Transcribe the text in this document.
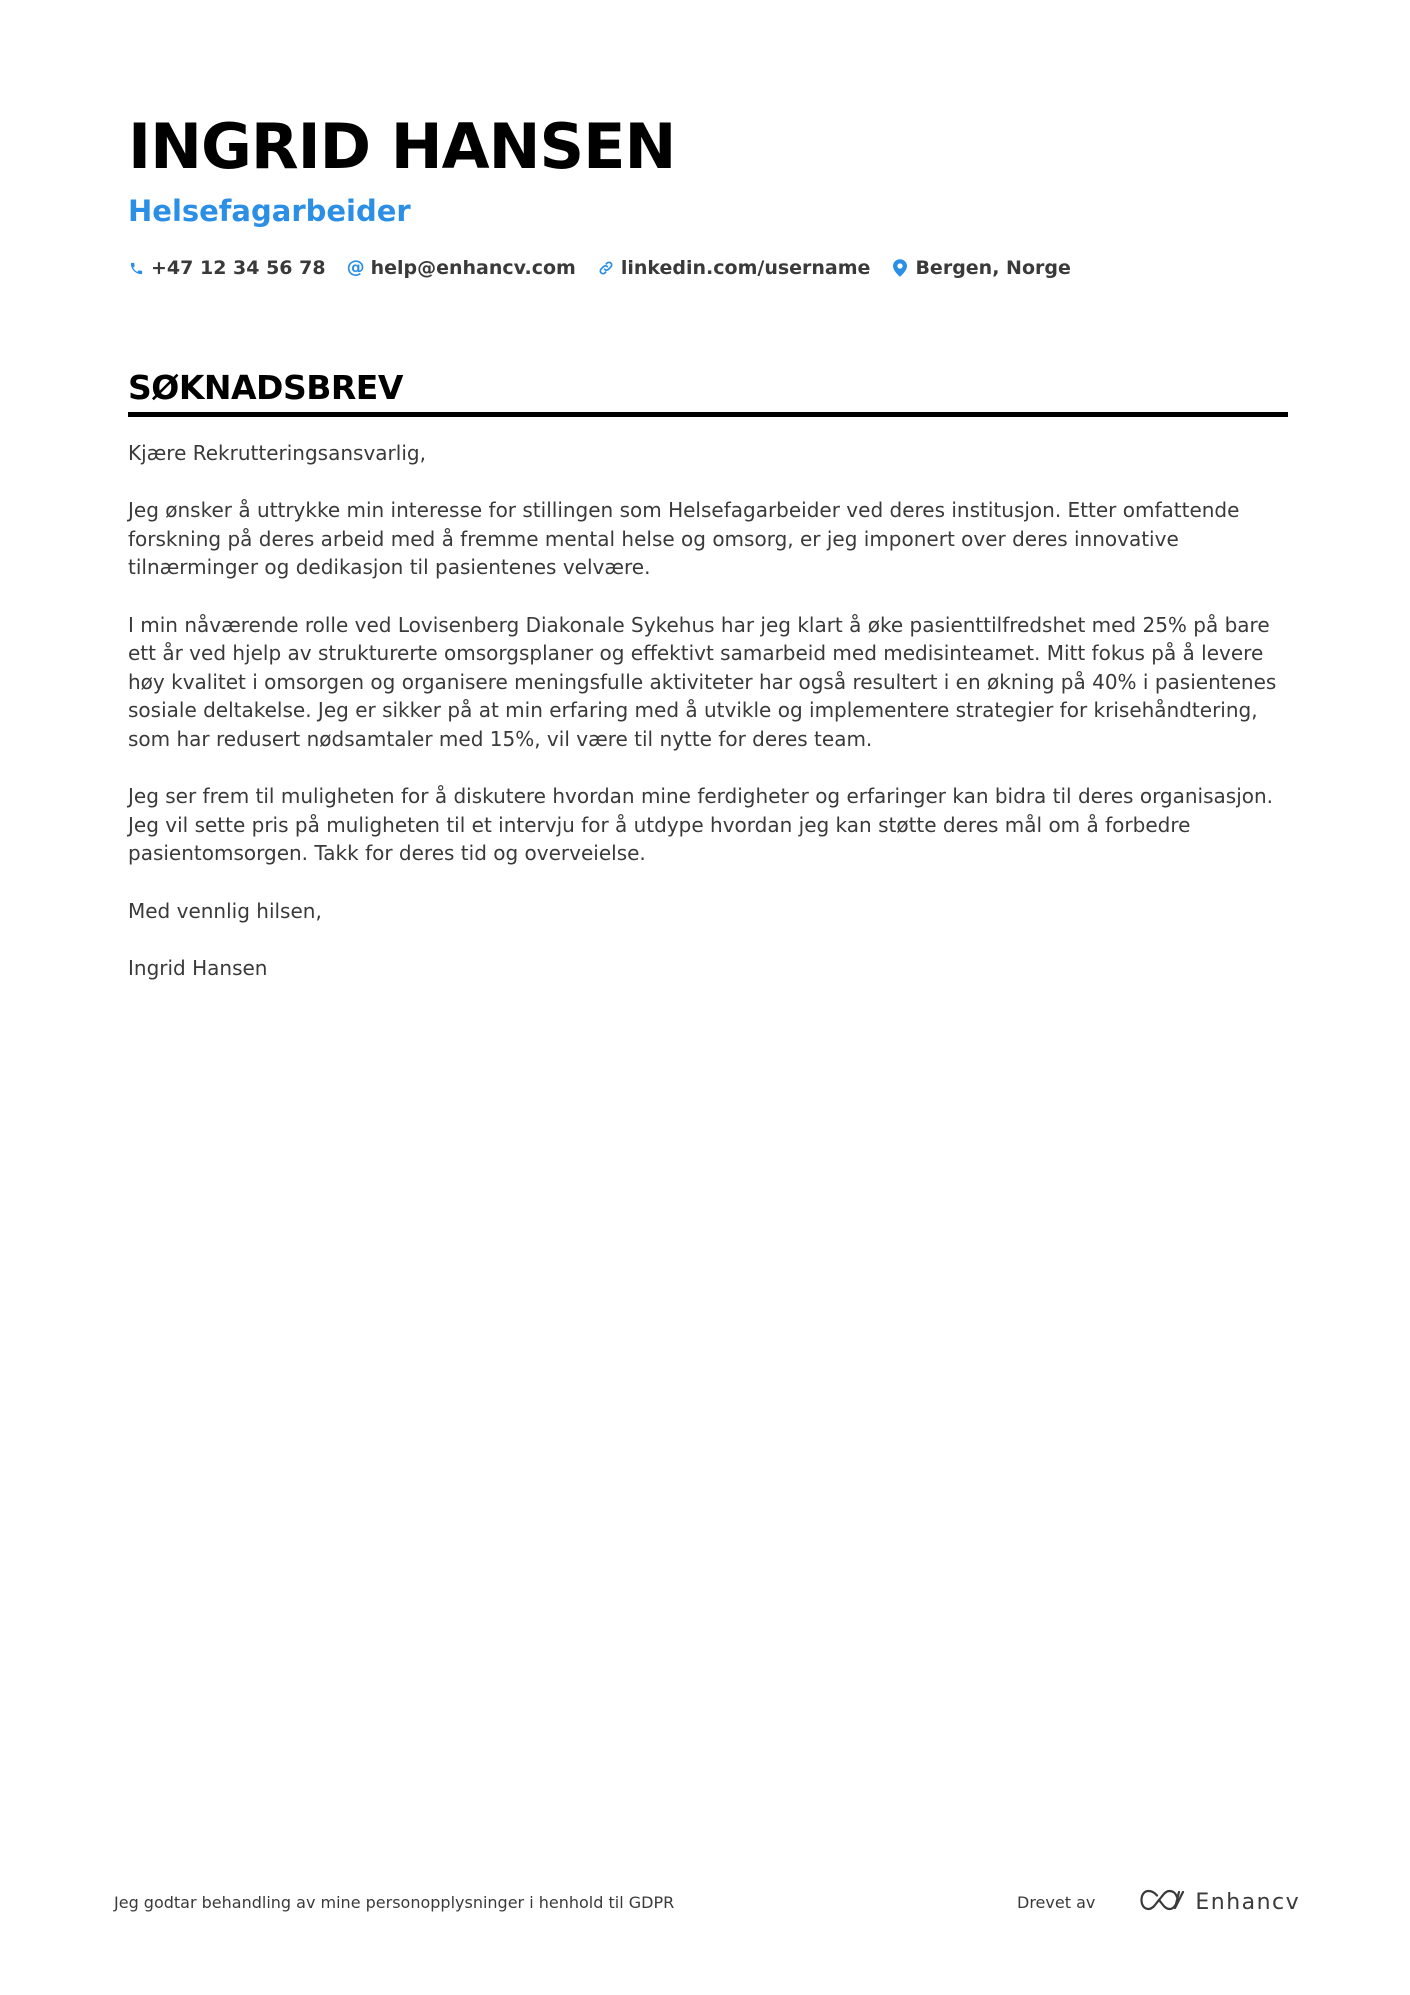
INGRID HANSEN
Helsefagarbeider
+47 12 34 56 78 @ help@enhancv.com linkedin.com/username Bergen, Norge
SØKNADSBREV

Kjære Rekrutteringsansvarlig,

Jeg ønsker å uttrykke min interesse for stillingen som Helsefagarbeider ved deres institusjon. Etter omfattende forskning på deres arbeid med å fremme mental helse og omsorg, er jeg imponert over deres innovative tilnærminger og dedikasjon til pasientenes velvære.

I min nåværende rolle ved Lovisenberg Diakonale Sykehus har jeg klart å øke pasienttilfredshet med 25% på bare ett år ved hjelp av strukturerte omsorgsplaner og effektivt samarbeid med medisinteamet. Mitt fokus på å levere høy kvalitet i omsorgen og organisere meningsfulle aktiviteter har også resultert i en økning på 40% i pasientenes sosiale deltakelse. Jeg er sikker på at min erfaring med å utvikle og implementere strategier for krisehåndtering, som har redusert nødsamtaler med 15%, vil være til nytte for deres team.

Jeg ser frem til muligheten for å diskutere hvordan mine ferdigheter og erfaringer kan bidra til deres organisasjon. Jeg vil sette pris på muligheten til et intervju for å utdype hvordan jeg kan støtte deres mål om å forbedre pasientomsorgen. Takk for deres tid og overveielse.

Med vennlig hilsen,

Ingrid Hansen

Jeg godtar behandling av mine personopplysninger i henhold til GDPR	Drevet av	Enhancv
